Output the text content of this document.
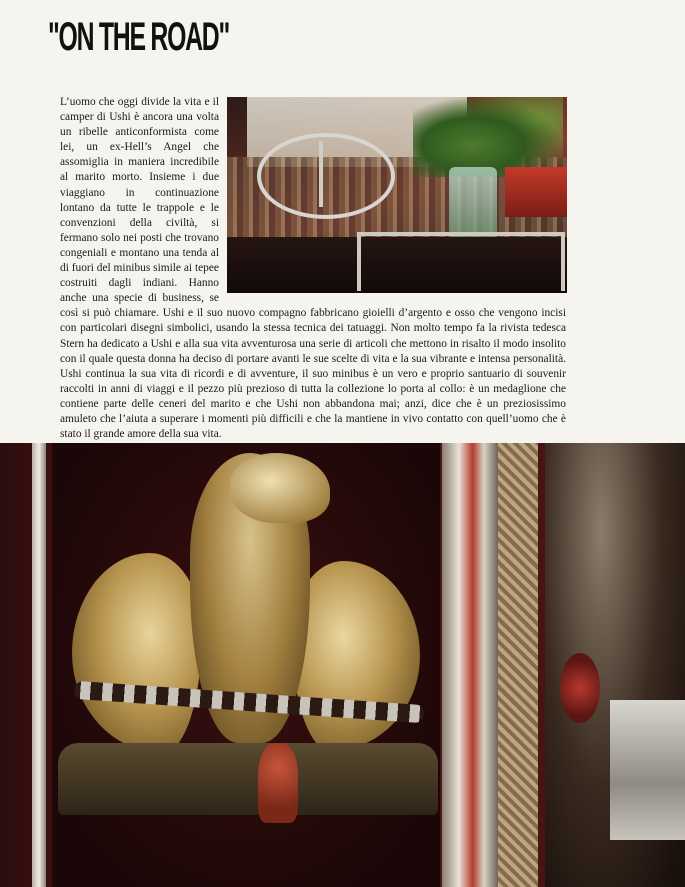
"ON THE ROAD"
L’uomo che oggi divide la vita e il camper di Ushi è ancora una volta un ribelle anticonformista come lei, un ex-Hell’s Angel che assomiglia in maniera incredibile al marito morto. Insieme i due viaggiano in continuazione lontano da tutte le trappole e le convenzioni della civiltà, si fermano solo nei posti che trovano congeniali e montano una tenda al di fuori del minibus simile ai tepee costruiti dagli indiani. Hanno anche una specie di business, se così si può chiamare. Ushi e il suo nuovo compagno fabbricano gioielli d’argento e osso che vengono incisi con particolari disegni simbolici, usando la stessa tecnica dei tatuaggi. Non molto tempo fa la rivista tedesca Stern ha dedicato a Ushi e alla sua vita avventurosa una serie di articoli che mettono in risalto il modo insolito con il quale questa donna ha deciso di portare avanti le sue scelte di vita e la sua vibrante e intensa personalità. Ushi continua la sua vita di ricordi e di avventure, il suo minibus è un vero e proprio santuario di souvenir raccolti in anni di viaggi e il pezzo più prezioso di tutta la collezione lo porta al collo: è un medaglione che contiene parte delle ceneri del marito e che Ushi non abbandona mai; anzi, dice che è un preziosissimo amuleto che l’aiuta a superare i momenti più difficili e che la mantiene in vivo contatto con quell’uomo che è stato il grande amore della sua vita.
